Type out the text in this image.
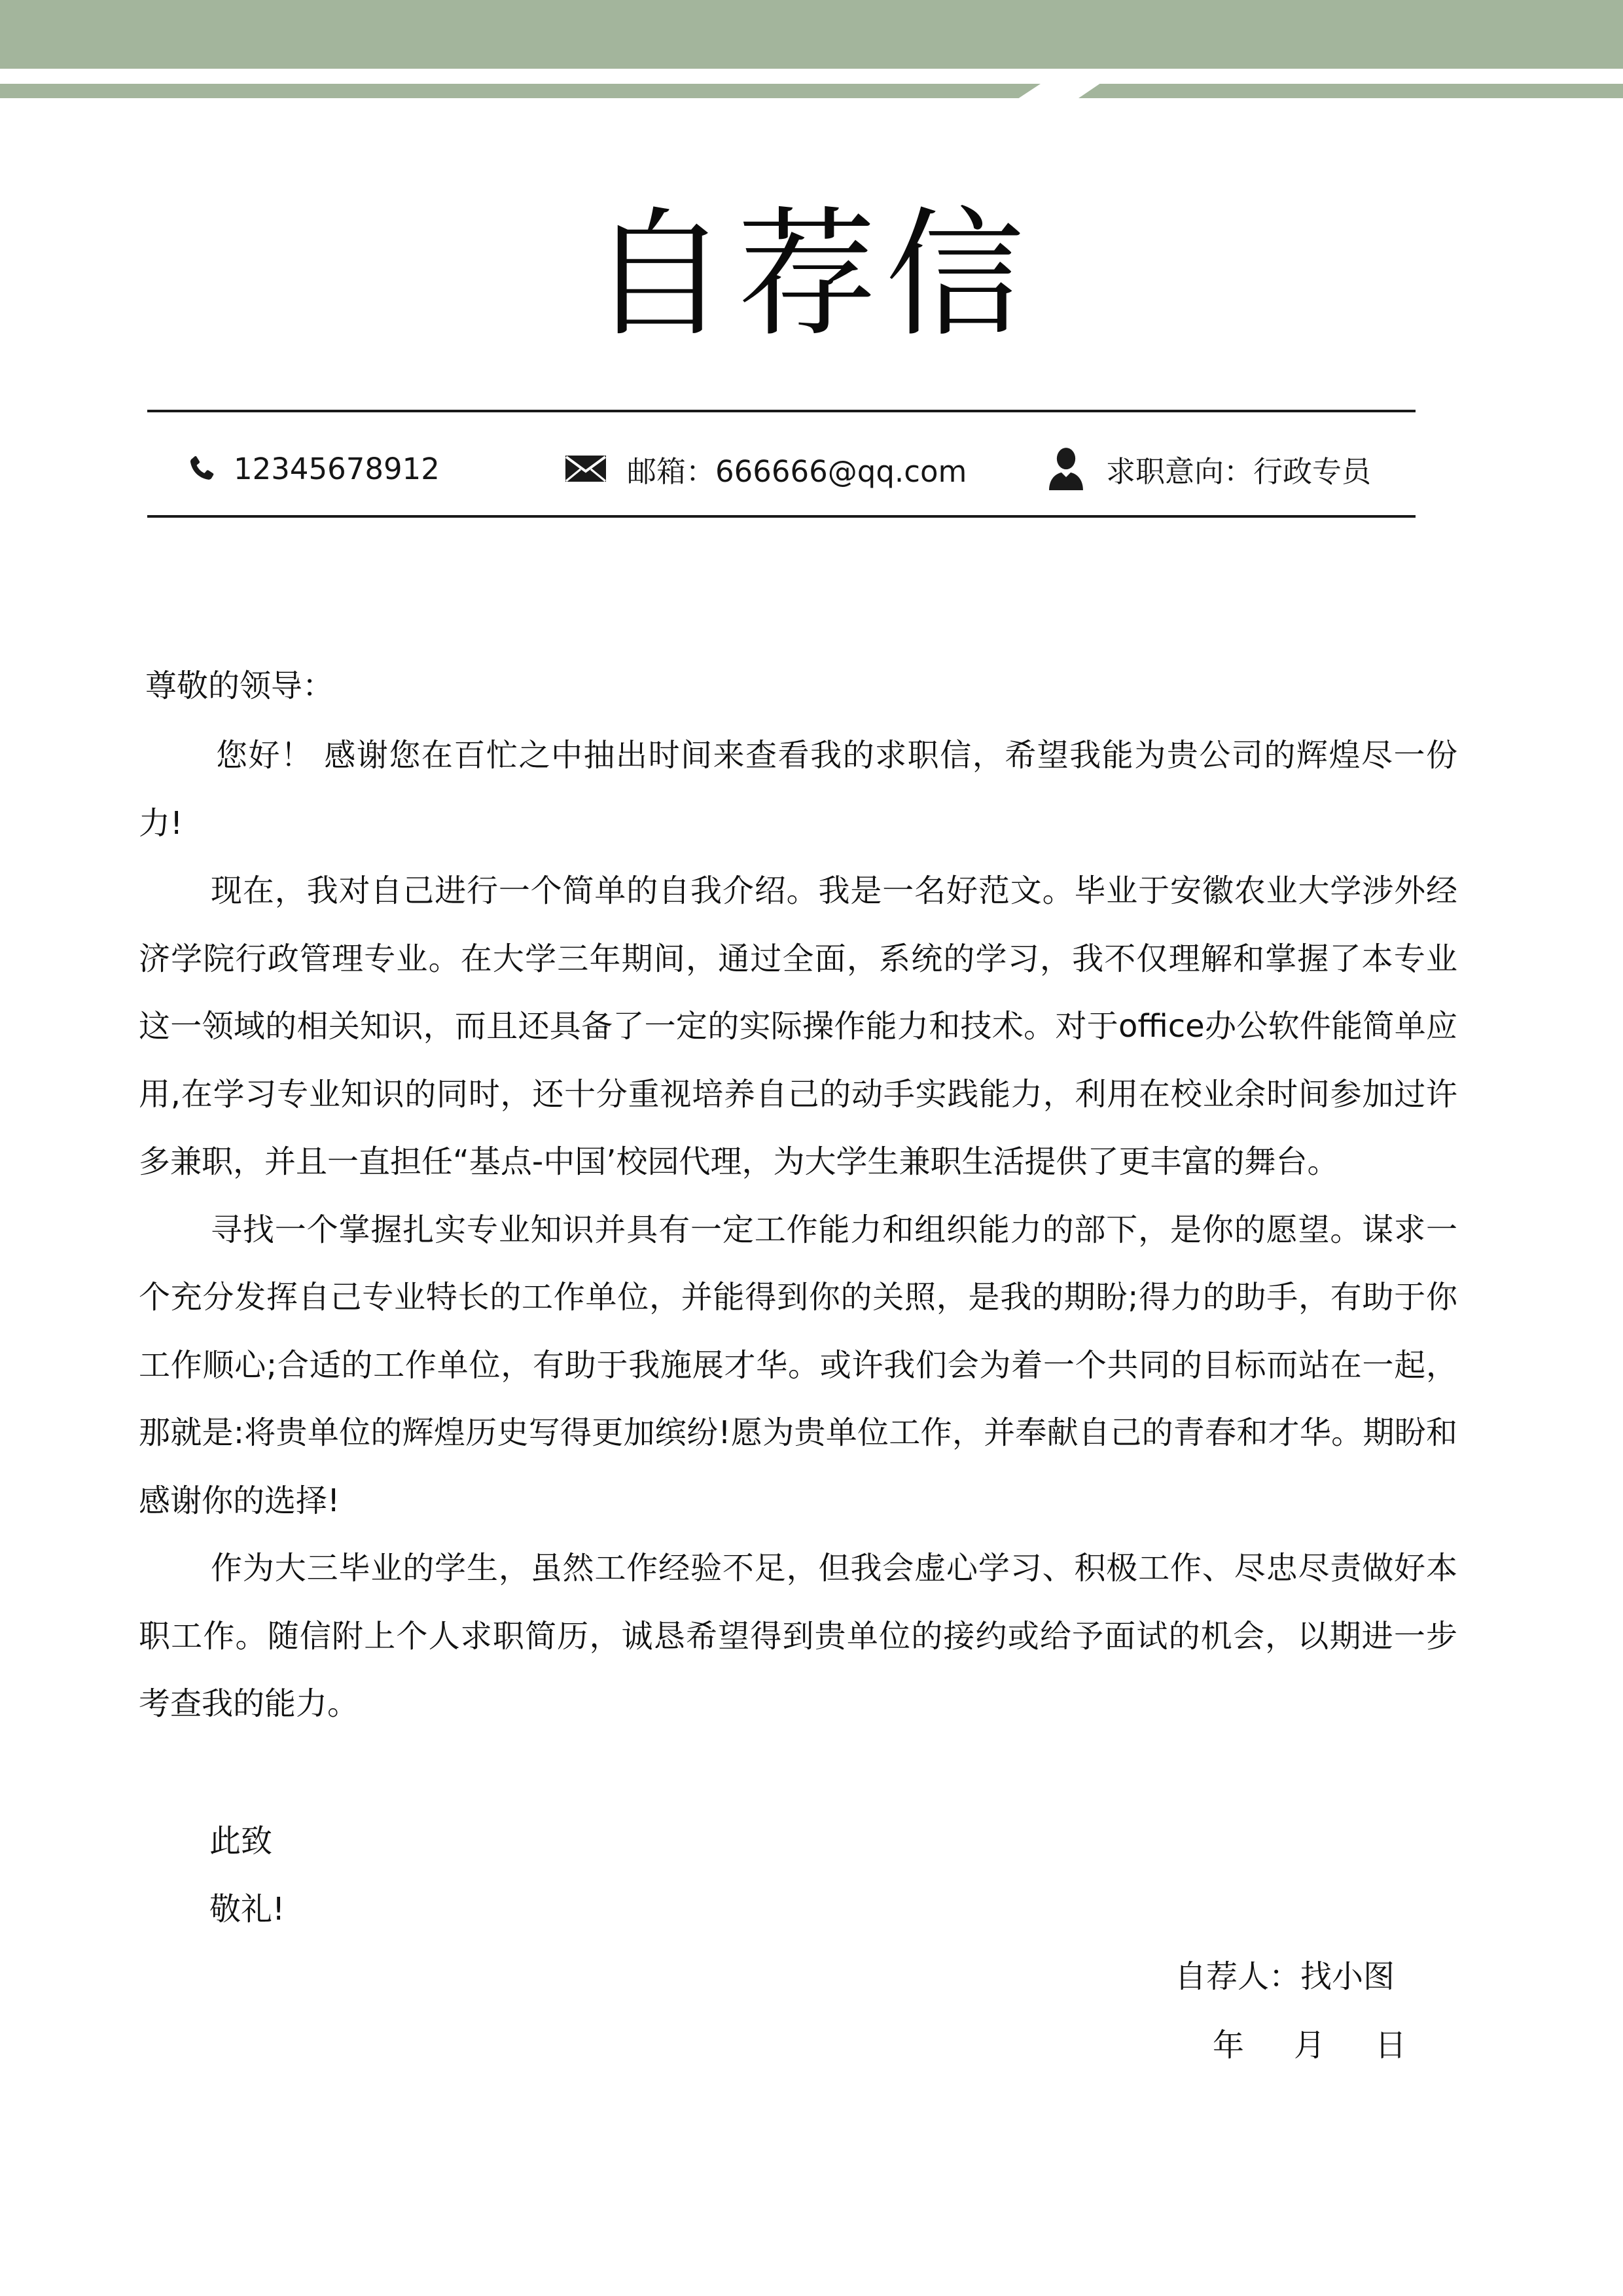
自荐信
12345678912	邮箱：666666@qq.com	求职意向：行政专员

尊敬的领导：

您好！ 感谢您在百忙之中抽出时间来查看我的求职信，希望我能为贵公司的辉煌尽一份力!

现在，我对自己进行一个简单的自我介绍。我是一名好范文。毕业于安徽农业大学涉外经济学院行政管理专业。在大学三年期间，通过全面，系统的学习，我不仅理解和掌握了本专业这一领域的相关知识，而且还具备了一定的实际操作能力和技术。对于office办公软件能简单应用,在学习专业知识的同时，还十分重视培养自己的动手实践能力，利用在校业余时间参加过许多兼职，并且一直担任“基点-中国’校园代理，为大学生兼职生活提供了更丰富的舞台。

寻找一个掌握扎实专业知识并具有一定工作能力和组织能力的部下，是你的愿望。谋求一个充分发挥自己专业特长的工作单位，并能得到你的关照，是我的期盼;得力的助手，有助于你工作顺心;合适的工作单位，有助于我施展才华。或许我们会为着一个共同的目标而站在一起，那就是:将贵单位的辉煌历史写得更加缤纷!愿为贵单位工作，并奉献自己的青春和才华。期盼和感谢你的选择!

作为大三毕业的学生，虽然工作经验不足，但我会虚心学习、积极工作、尽忠尽责做好本职工作。随信附上个人求职简历，诚恳希望得到贵单位的接约或给予面试的机会，以期进一步考查我的能力。

此致

敬礼!

自荐人：找小图

年 月 日
